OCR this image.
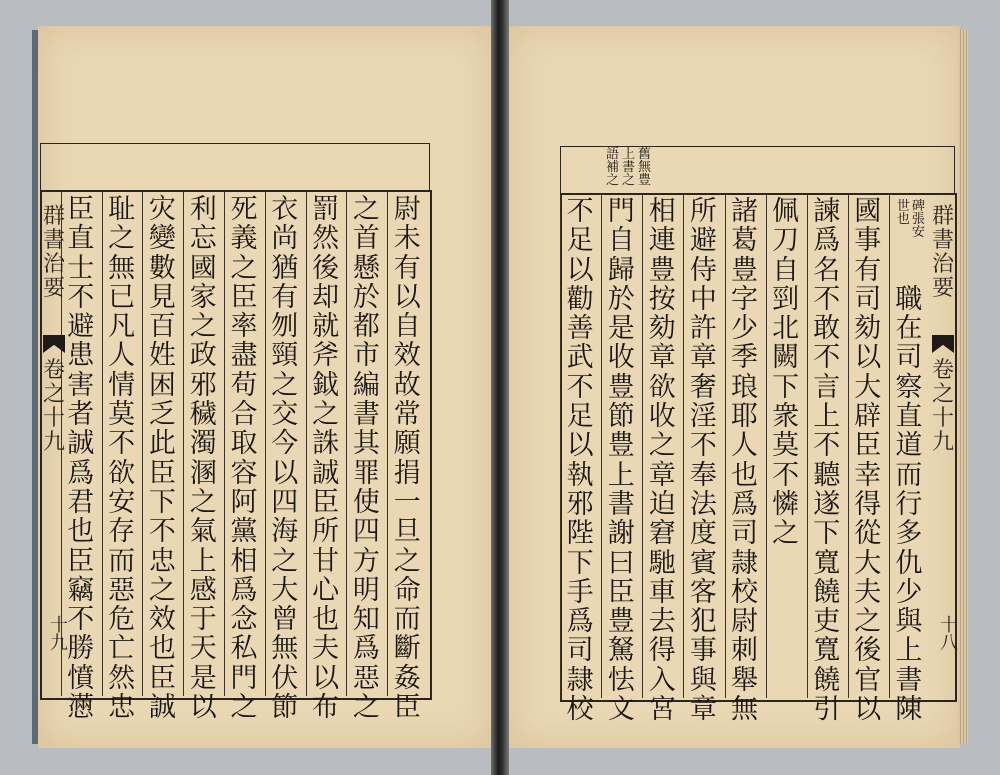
尉
未
有
以
自
效
故
常
願
捐
一
旦
之
命
而
斷
姦
臣
之
首
懸
於
都
市
編
書
其
罪
使
四
方
明
知
爲
惡
之
罰
然
後
却
就
斧
鉞
之
誅
誠
臣
所
甘
心
也
夫
以
布
衣
尚
猶
有
刎
頸
之
交
今
以
四
海
之
大
曾
無
伏
節
死
義
之
臣
率
盡
苟
合
取
容
阿
黨
相
爲
念
私
門
之
利
忘
國
家
之
政
邪
穢
濁
溷
之
氣
上
感
于
天
是
以
灾
變
數
見
百
姓
困
乏
此
臣
下
不
忠
之
效
也
臣
誠
耻
之
無
已
凡
人
情
莫
不
欲
安
存
而
惡
危
亡
然
忠
臣
直
士
不
避
患
害
者
誠
爲
君
也
臣
竊
不
勝
憤
懣
群
書
治
要
卷
之
十
九
十九
舊
無
豊
上
書
之
語
補
之
碑
張
安
世
也
職
在
司
察
直
道
而
行
多
仇
少
與
上
書
陳
國
事
有
司
劾
以
大
辟
臣
幸
得
從
大
夫
之
後
官
以
諫
爲
名
不
敢
不
言
上
不
聽
遂
下
寬
饒
吏
寬
饒
引
佩
刀
自
剄
北
闕
下
衆
莫
不
憐
之
諸
葛
豊
字
少
季
琅
耶
人
也
爲
司
隷
校
尉
刺
舉
無
所
避
侍
中
許
章
奢
淫
不
奉
法
度
賓
客
犯
事
與
章
相
連
豊
按
劾
章
欲
收
之
章
迫
窘
馳
車
去
得
入
宮
門
自
歸
於
是
收
豊
節
豊
上
書
謝
曰
臣
豊
駑
怯
文
不
足
以
勸
善
武
不
足
以
執
邪
陛
下
手
爲
司
隷
校
群
書
治
要
卷
之
十
九
十八
